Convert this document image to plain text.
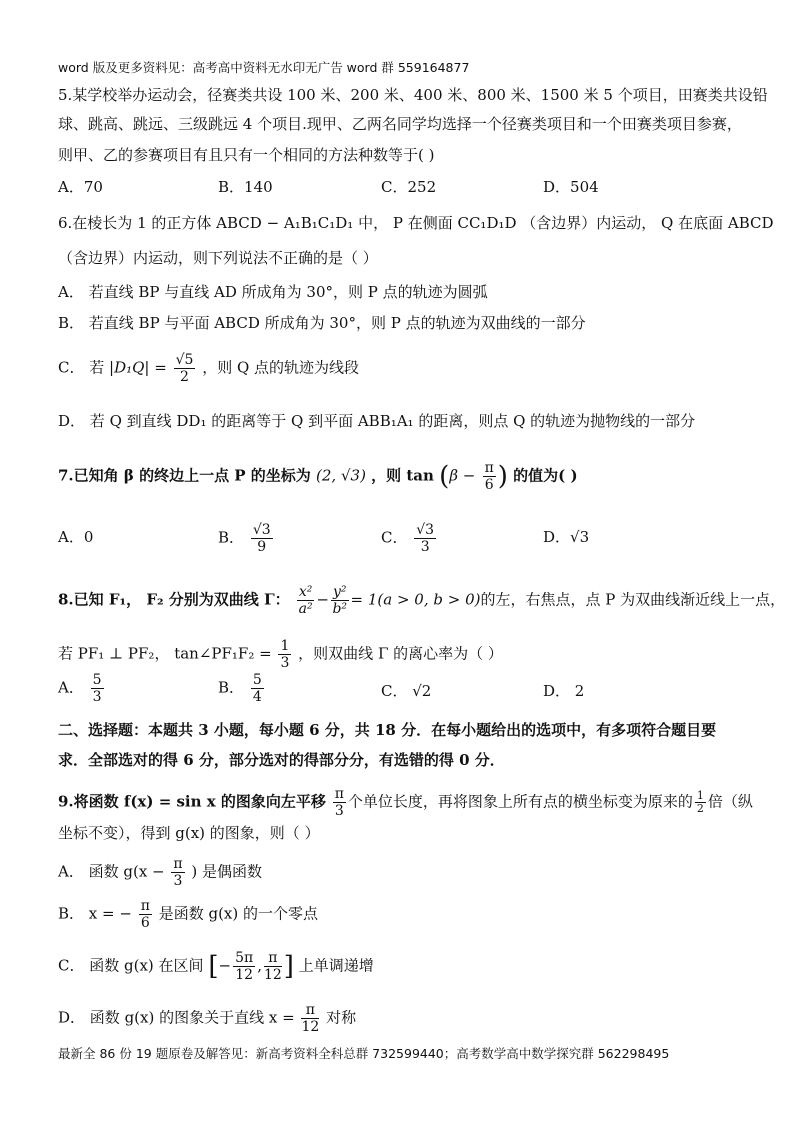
word 版及更多资料见：高考高中资料无水印无广告 word 群 559164877
5.某学校举办运动会，径赛类共设 100 米、200 米、400 米、800 米、1500 米 5 个项目，田赛类共设铅
球、跳高、跳远、三级跳远 4 个项目.现甲、乙两名同学均选择一个径赛类项目和一个田赛类项目参赛，
则甲、乙的参赛项目有且只有一个相同的方法种数等于( )
A．70	B．140	C．252	D．504
6.在棱长为 1 的正方体 ABCD − A₁B₁C₁D₁ 中， P 在侧面 CC₁D₁D （含边界）内运动， Q 在底面 ABCD
（含边界）内运动，则下列说法不正确的是（ ）
A． 若直线 BP 与直线 AD 所成角为 30°，则 P 点的轨迹为圆弧
B． 若直线 BP 与平面 ABCD 所成角为 30°，则 P 点的轨迹为双曲线的一部分
C． 若 $|D_1Q| = \frac{√5}{2}$ ，则 Q 点的轨迹为线段
D． 若 Q 到直线 DD₁ 的距离等于 Q 到平面 ABB₁A₁ 的距离，则点 Q 的轨迹为抛物线的一部分
7.已知角 β 的终边上一点 P 的坐标为 (2, √3) ，则 $\tan (\beta - \frac{\pi}{6}$ ) 的值为( )
A．0	B． $\frac{√3}{9}$	C． $\frac{√3}{3}$	D．√3
8.已知 F₁， F₂ 分别为双曲线 Γ： $\frac{\text{x²}}{\text{a²}} - \frac{\text{y²}}{\text{b²}} = 1(a > 0$, b > 0)的左，右焦点，点 P 为双曲线渐近线上一点，
若 PF₁ ⊥ PF₂， tan∠PF₁F₂ = $\frac{1}{3}$ ，则双曲线 Γ 的离心率为（ ）
A． $\frac{5}{3}$	B． $\frac{5}{4}$	C． √2	D． 2
二、选择题：本题共 3 小题，每小题 6 分，共 18 分．在每小题给出的选项中，有多项符合题目要
求．全部选对的得 6 分，部分选对的得部分分，有选错的得 0 分．
9.将函数 f(x) = sin x 的图象向左平移 $\frac{\pi}{3}$ 个单位长度，再将图象上所有点的横坐标变为原来的 $\frac{1}{2}$ 倍（纵
坐标不变），得到 g(x) 的图象，则（ ）
A． 函数 $g(x - \frac{\pi}{3}$ ) 是偶函数
B． x = − $\frac{\pi}{6}$ 是函数 g(x) 的一个零点
C． 函数 g(x) 在区间 [− $\frac{5\pi}{12}$ , $\frac{\pi}{12}$ ] 上单调递增
D． 函数 g(x) 的图象关于直线 $x = \frac{\pi}{12}$ 对称
最新全 86 份 19 题原卷及解答见：新高考资料全科总群 732599440；高考数学高中数学探究群 562298495
